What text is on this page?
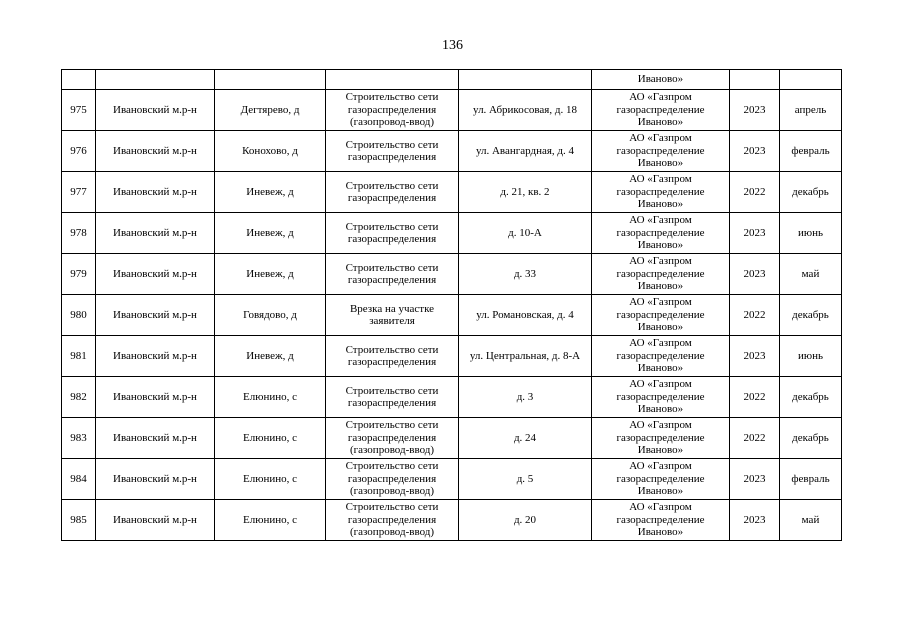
136
					Иваново»		
975	Ивановский м.р-н	Дегтярево, д	Строительство сети газораспределения (газопровод-ввод)	ул. Абрикосовая, д. 18	АО «Газпром газораспределение Иваново»	2023	апрель
976	Ивановский м.р-н	Конохово, д	Строительство сети газораспределения	ул. Авангардная, д. 4	АО «Газпром газораспределение Иваново»	2023	февраль
977	Ивановский м.р-н	Иневеж, д	Строительство сети газораспределения	д. 21, кв. 2	АО «Газпром газораспределение Иваново»	2022	декабрь
978	Ивановский м.р-н	Иневеж, д	Строительство сети газораспределения	д. 10-А	АО «Газпром газораспределение Иваново»	2023	июнь
979	Ивановский м.р-н	Иневеж, д	Строительство сети газораспределения	д. 33	АО «Газпром газораспределение Иваново»	2023	май
980	Ивановский м.р-н	Говядово, д	Врезка на участке заявителя	ул. Романовская, д. 4	АО «Газпром газораспределение Иваново»	2022	декабрь
981	Ивановский м.р-н	Иневеж, д	Строительство сети газораспределения	ул. Центральная, д. 8-А	АО «Газпром газораспределение Иваново»	2023	июнь
982	Ивановский м.р-н	Елюнино, с	Строительство сети газораспределения	д. 3	АО «Газпром газораспределение Иваново»	2022	декабрь
983	Ивановский м.р-н	Елюнино, с	Строительство сети газораспределения (газопровод-ввод)	д. 24	АО «Газпром газораспределение Иваново»	2022	декабрь
984	Ивановский м.р-н	Елюнино, с	Строительство сети газораспределения (газопровод-ввод)	д. 5	АО «Газпром газораспределение Иваново»	2023	февраль
985	Ивановский м.р-н	Елюнино, с	Строительство сети газораспределения (газопровод-ввод)	д. 20	АО «Газпром газораспределение Иваново»	2023	май
